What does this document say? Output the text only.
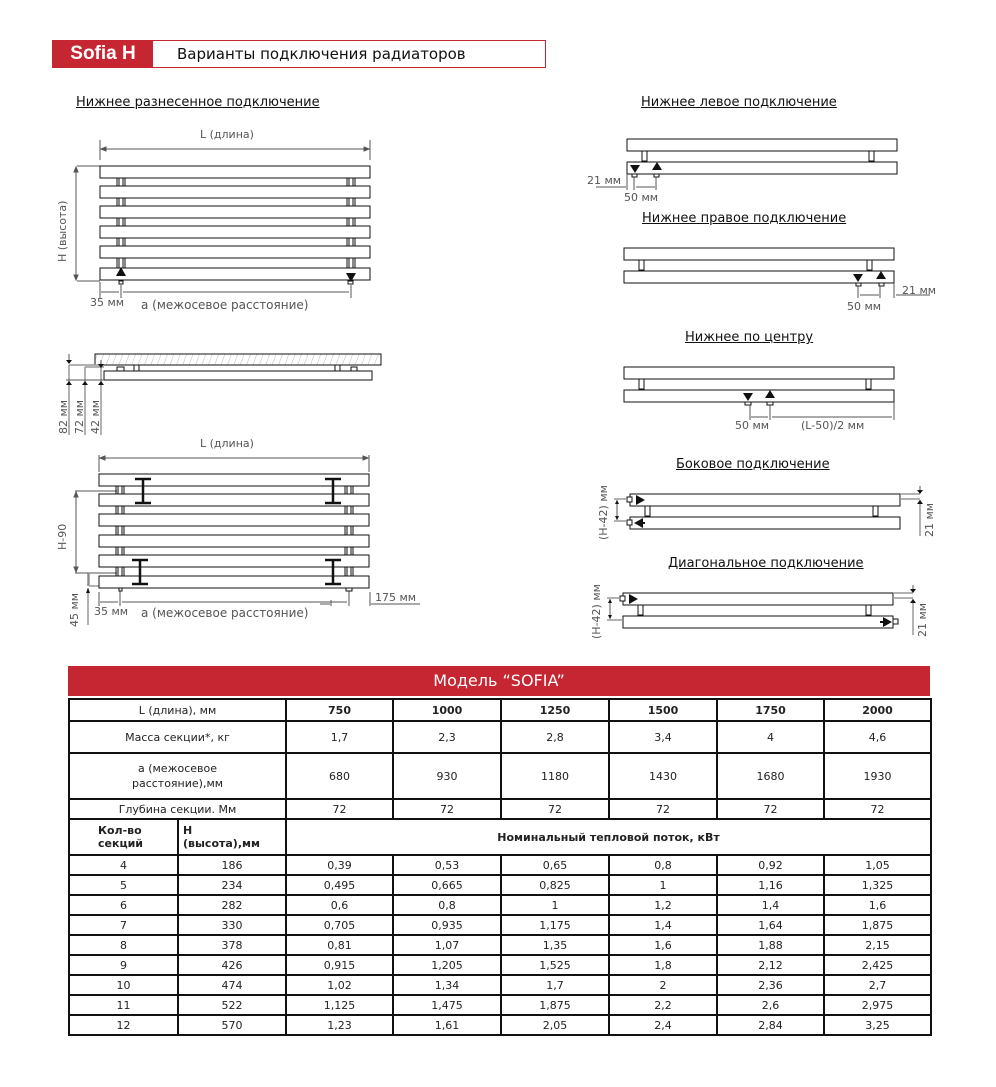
Sofia H	Варианты подключения радиаторов
Нижнее разнесенное подключение
L (длина)
H (высота)
35 мм а (межосевое расстояние)
82 мм 72 мм 42 мм
L (длина)
H-90
45 мм 35 мм а (межосевое расстояние)
175 мм
Нижнее левое подключение
21 мм
50 мм
Нижнее правое подключение
21 мм
50 мм
Нижнее по центру
50 мм	(L-50)/2 мм
Боковое подключение
(H-42) мм	21 мм
Диагональное подключение
(H-42) мм	21 мм
Модель “SOFIA”
L (длина), мм		750	1000	1250	1500	1750	2000
Масса секции*, кг		1,7	2,3	2,8	3,4	4	4,6

а (межосевое
расстояние),мм		680	930	1180	1430	1680	1930
Глубина секции. Мм		72	72	72	72	72	72

Кол-во
секций

H
(высота),мм	Номинальный тепловой поток, кВт
4	186	0,39	0,53	0,65	0,8	0,92	1,05
5	234	0,495	0,665	0,825	1	1,16	1,325
6	282	0,6	0,8	1	1,2	1,4	1,6
7	330	0,705	0,935	1,175	1,4	1,64	1,875
8	378	0,81	1,07	1,35	1,6	1,88	2,15
9	426	0,915	1,205	1,525	1,8	2,12	2,425
10	474	1,02	1,34	1,7	2	2,36	2,7
11	522	1,125	1,475	1,875	2,2	2,6	2,975
12	570	1,23	1,61	2,05	2,4	2,84	3,25
